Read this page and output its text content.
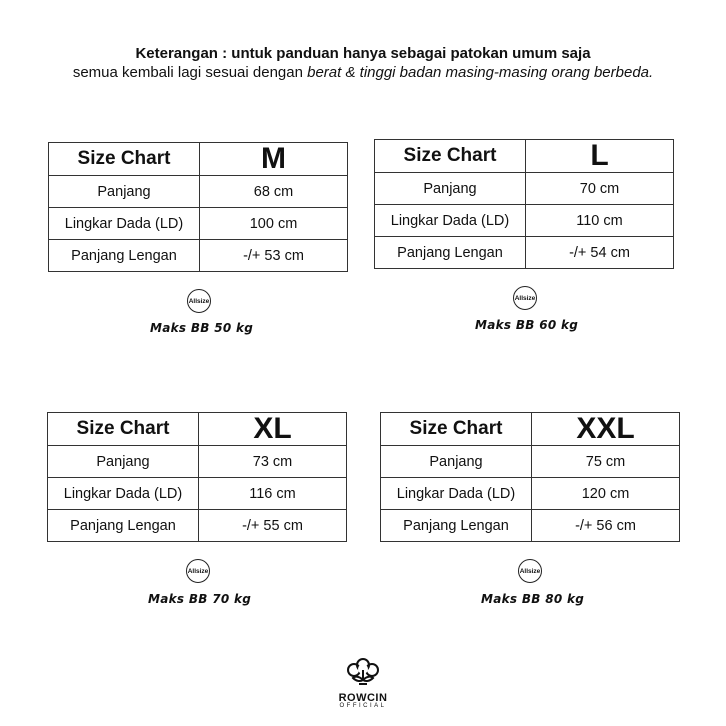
Keterangan : untuk panduan hanya sebagai patokan umum saja
semua kembali lagi sesuai dengan berat & tinggi badan masing-masing orang berbeda.
Size Chart	M
Panjang	68 cm
Lingkar Dada (LD)	100 cm
Panjang Lengan	-/+ 53 cm
Allsize
Maks BB 50 kg
Size Chart	L
Panjang	70 cm
Lingkar Dada (LD)	110 cm
Panjang Lengan	-/+ 54 cm
Allsize
Maks BB 60 kg
Size Chart	XL
Panjang	73 cm
Lingkar Dada (LD)	116 cm
Panjang Lengan	-/+ 55 cm
Allsize
Maks BB 70 kg
Size Chart	XXL
Panjang	75 cm
Lingkar Dada (LD)	120 cm
Panjang Lengan	-/+ 56 cm
Allsize
Maks BB 80 kg
ROWCIN
OFFICIAL
